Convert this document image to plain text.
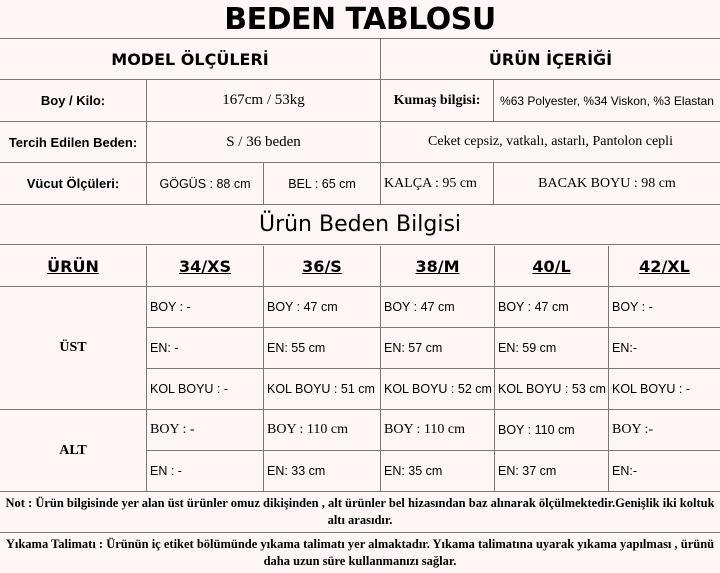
BEDEN TABLOSU
MODEL ÖLÇÜLERİ	ÜRÜN İÇERİĞİ
Boy / Kilo:	167cm / 53kg	Kumaş bilgisi:	%63 Polyester, %34 Viskon, %3 Elastan
Tercih Edilen Beden:	S / 36 beden	Ceket cepsiz, vatkalı, astarlı, Pantolon cepli
Vücut Ölçüleri:	GÖGÜS : 88 cm	BEL : 65 cm	KALÇA : 95 cm	BACAK BOYU : 98 cm
Ürün Beden Bilgisi
ÜRÜN	34/XS	36/S	38/M	40/L	42/XL
ÜST
BOY : -	BOY : 47 cm	BOY : 47 cm	BOY : 47 cm	BOY : -
EN: -	EN: 55 cm	EN: 57 cm	EN: 59 cm	EN:-
KOL BOYU : -	KOL BOYU : 51 cm KOL BOYU : 52 cm KOL BOYU : 53 cm KOL BOYU : -
ALT
BOY : -	BOY : 110 cm	BOY : 110 cm	BOY : 110 cm	BOY :-
EN : -	EN: 33 cm	EN: 35 cm	EN: 37 cm	EN:-
Not : Ürün bilgisinde yer alan üst ürünler omuz dikişinden , alt ürünler bel hizasından baz alınarak ölçülmektedir.Genişlik iki koltuk altı arasıdır.
Yıkama Talimatı : Ürünün iç etiket bölümünde yıkama talimatı yer almaktadır. Yıkama talimatına uyarak yıkama yapılması , ürünü daha uzun süre kullanmanızı sağlar.
